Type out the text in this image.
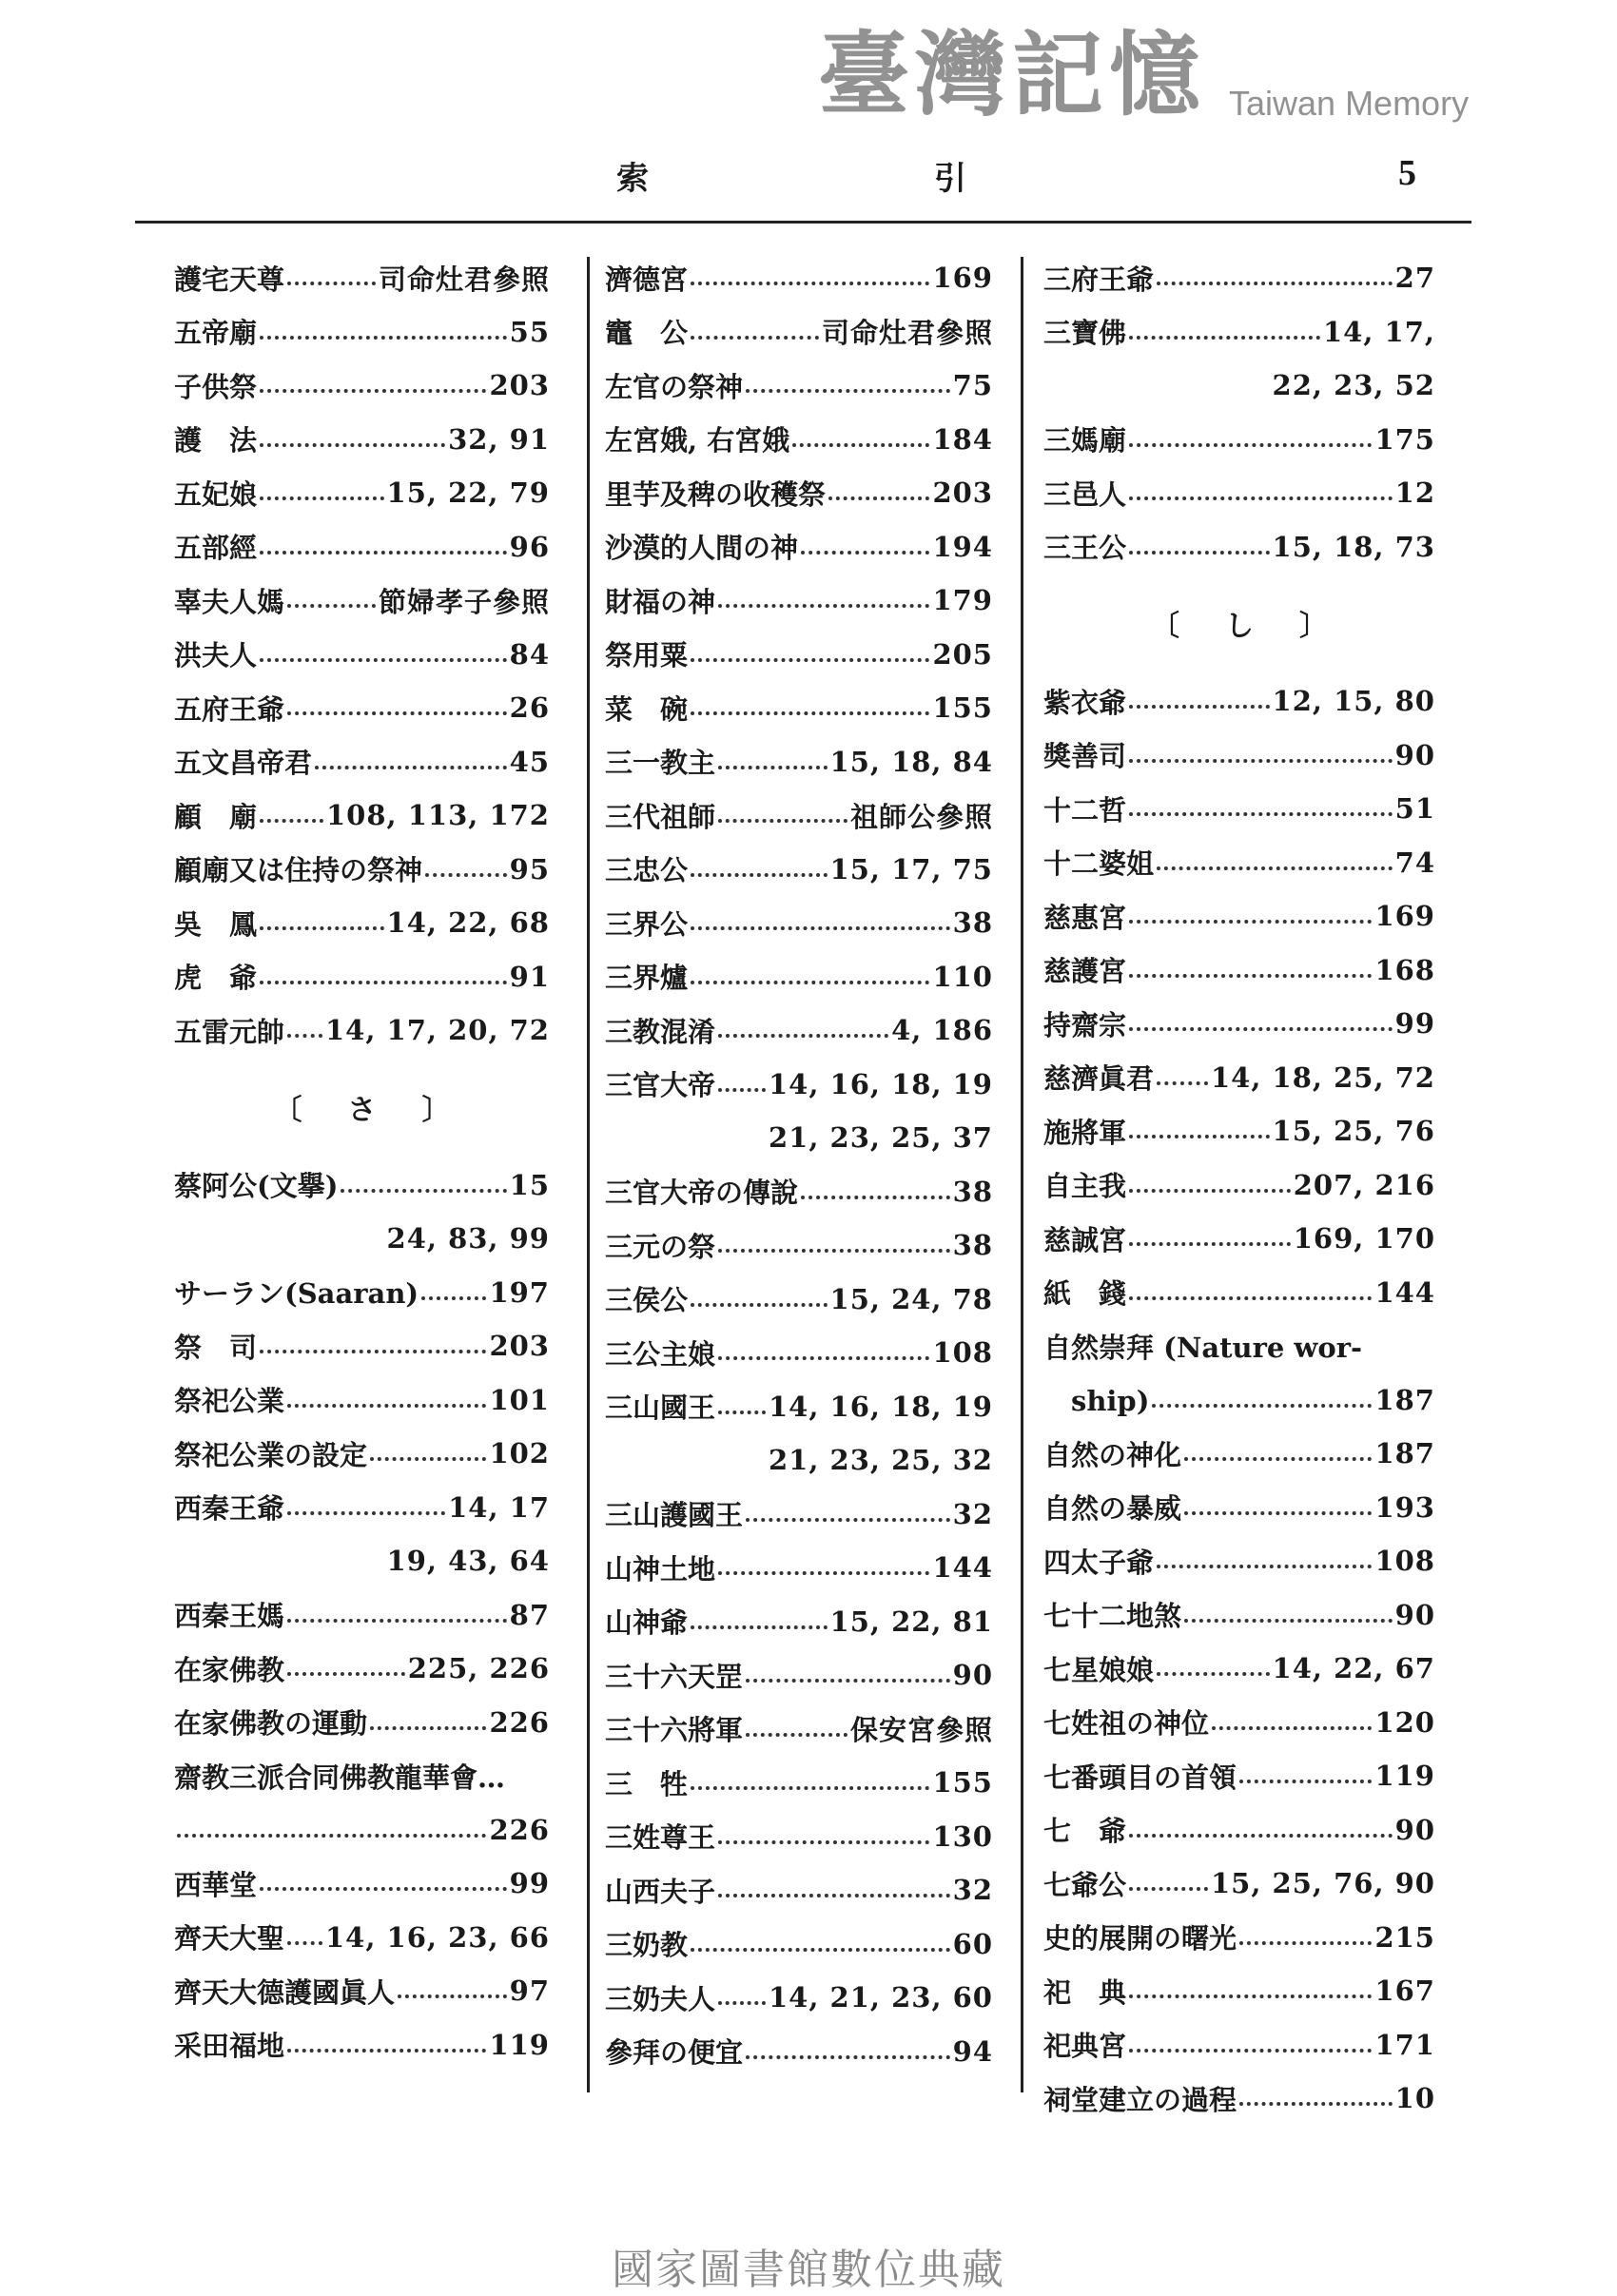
索	引	5
護宅天尊	司命灶君參照
五帝廟	55
子供祭	203
護　法	32, 91
五妃娘	15, 22, 79
五部經	96
辜夫人媽	節婦孝子參照
洪夫人	84
五府王爺	26
五文昌帝君	45
顧　廟	108, 113, 172
顧廟又は住持の祭神	95
吳　鳳	14, 22, 68
虎　爺	91
五雷元帥 14, 17, 20, 72
〔 さ 〕
蔡阿公(文擧)	15
24, 83, 99
サーラン(Saaran)	197
祭　司	203
祭祀公業	101
祭祀公業の設定	102
西秦王爺	14, 17
19, 43, 64
西秦王媽	87
在家佛教	225, 226
在家佛教の運動	226
齋教三派合同佛教龍華會…
226
西華堂	99
齊天大聖 14, 16, 23, 66
齊天大德護國眞人	97
采田福地	119
濟德宮	169
竈　公	司命灶君參照
左官の祭神	75
左宮娥, 右宮娥	184
里芋及稗の收穫祭	203
沙漠的人間の神	194
財福の神	179
祭用粟	205
菜　碗	155
三一教主	15, 18, 84
三代祖師	祖師公參照
三忠公	15, 17, 75
三界公	38
三界爐	110
三教混淆	4, 186
三官大帝 14, 16, 18, 19
21, 23, 25, 37
三官大帝の傳說	38
三元の祭	38
三侯公	15, 24, 78
三公主娘	108
三山國王 14, 16, 18, 19
21, 23, 25, 32
三山護國王	32
山神土地	144
山神爺	15, 22, 81
三十六天罡	90
三十六將軍	保安宮參照
三　牲	155
三姓尊王	130
山西夫子	32
三奶教	60
三奶夫人 14, 21, 23, 60
參拜の便宜	94
三府王爺	27
三寶佛	14, 17,
22, 23, 52
三媽廟	175
三邑人	12
三王公	15, 18, 73
〔 し 〕
紫衣爺	12, 15, 80
獎善司	90
十二哲	51
十二婆姐	74
慈惠宮	169
慈護宮	168
持齋宗	99
慈濟眞君 14, 18, 25, 72
施將軍	15, 25, 76
自主我	207, 216
慈誠宮	169, 170
紙　錢	144
自然崇拜 (Nature wor-
　ship)	187
自然の神化	187
自然の暴威	193
四太子爺	108
七十二地煞	90
七星娘娘	14, 22, 67
七姓祖の神位	120
七番頭目の首領	119
七　爺	90
七爺公	15, 25, 76, 90
史的展開の曙光	215
祀　典	167
祀典宮	171
祠堂建立の過程	10
臺灣記憶 Taiwan Memory
國家圖書館數位典藏
